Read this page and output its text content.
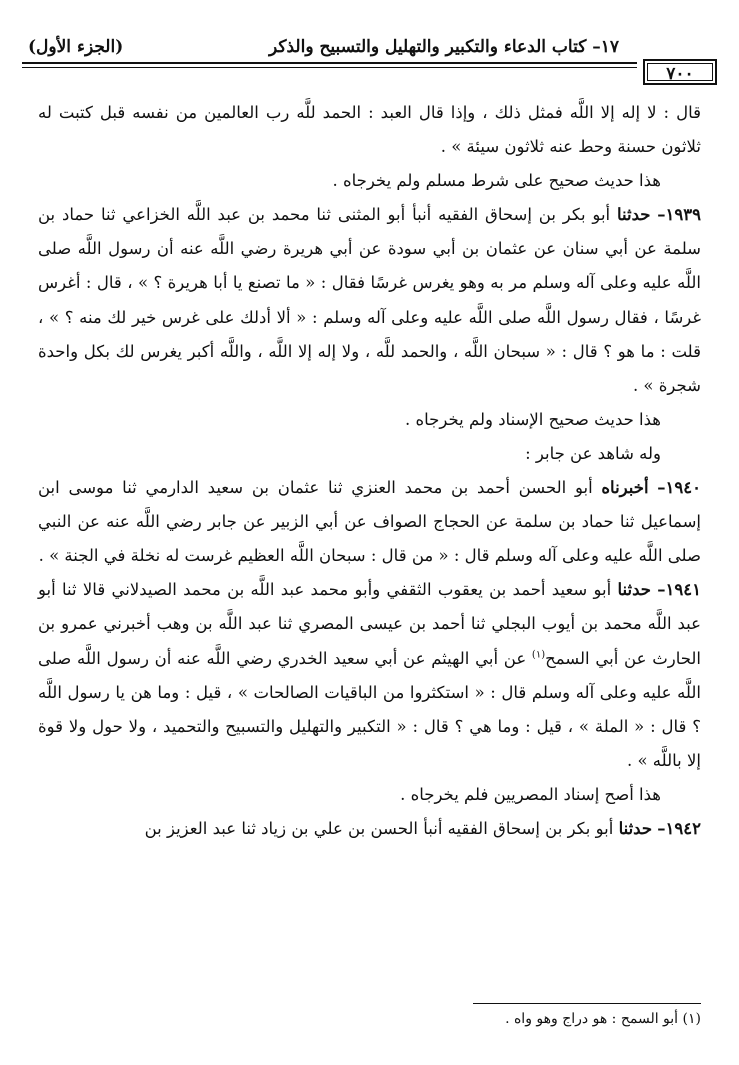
(الجزء الأول)	١٧– كتاب الدعاء والتكبير والتهليل والتسبيح والذكر
٧٠٠

قال : لا إله إلا اللَّه فمثل ذلك ، وإذا قال العبد : الحمد للَّه رب العالمين من نفسه قبل كتبت له ثلاثون حسنة وحط عنه ثلاثون سيئة » .

هذا حديث صحيح على شرط مسلم ولم يخرجاه .

١٩٣٩– حدثنا أبو بكر بن إسحاق الفقيه أنبأ أبو المثنى ثنا محمد بن عبد اللَّه الخزاعي ثنا حماد بن سلمة عن أبي سنان عن عثمان بن أبي سودة عن أبي هريرة رضي اللَّه عنه أن رسول اللَّه صلى اللَّه عليه وعلى آله وسلم مر به وهو يغرس غرسًا فقال : « ما تصنع يا أبا هريرة ؟ » ، قال : أغرس غرسًا ، فقال رسول اللَّه صلى اللَّه عليه وعلى آله وسلم : « ألا أدلك على غرس خير لك منه ؟ » ، قلت : ما هو ؟ قال : « سبحان اللَّه ، والحمد للَّه ، ولا إله إلا اللَّه ، واللَّه أكبر يغرس لك بكل واحدة شجرة » .

هذا حديث صحيح الإسناد ولم يخرجاه .

وله شاهد عن جابر :

١٩٤٠– أخبرناه أبو الحسن أحمد بن محمد العنزي ثنا عثمان بن سعيد الدارمي ثنا موسى ابن إسماعيل ثنا حماد بن سلمة عن الحجاج الصواف عن أبي الزبير عن جابر رضي اللَّه عنه عن النبي صلى اللَّه عليه وعلى آله وسلم قال : « من قال : سبحان اللَّه العظيم غرست له نخلة في الجنة » .

١٩٤١– حدثنا أبو سعيد أحمد بن يعقوب الثقفي وأبو محمد عبد اللَّه بن محمد الصيدلاني قالا ثنا أبو عبد اللَّه محمد بن أيوب البجلي ثنا أحمد بن عيسى المصري ثنا عبد اللَّه بن وهب أخبرني عمرو بن الحارث عن أبي السمح$^{(١)}$ عن أبي الهيثم عن أبي سعيد الخدري رضي اللَّه عنه أن رسول اللَّه صلى اللَّه عليه وعلى آله وسلم قال : « استكثروا من الباقيات الصالحات » ، قيل : وما هن يا رسول اللَّه ؟ قال : « الملة » ، قيل : وما هي ؟ قال : « التكبير والتهليل والتسبيح والتحميد ، ولا حول ولا قوة إلا باللَّه » .

هذا أصح إسناد المصريين فلم يخرجاه .

١٩٤٢– حدثنا أبو بكر بن إسحاق الفقيه أنبأ الحسن بن علي بن زياد ثنا عبد العزيز بن

(١) أبو السمح : هو دراج وهو واه .
